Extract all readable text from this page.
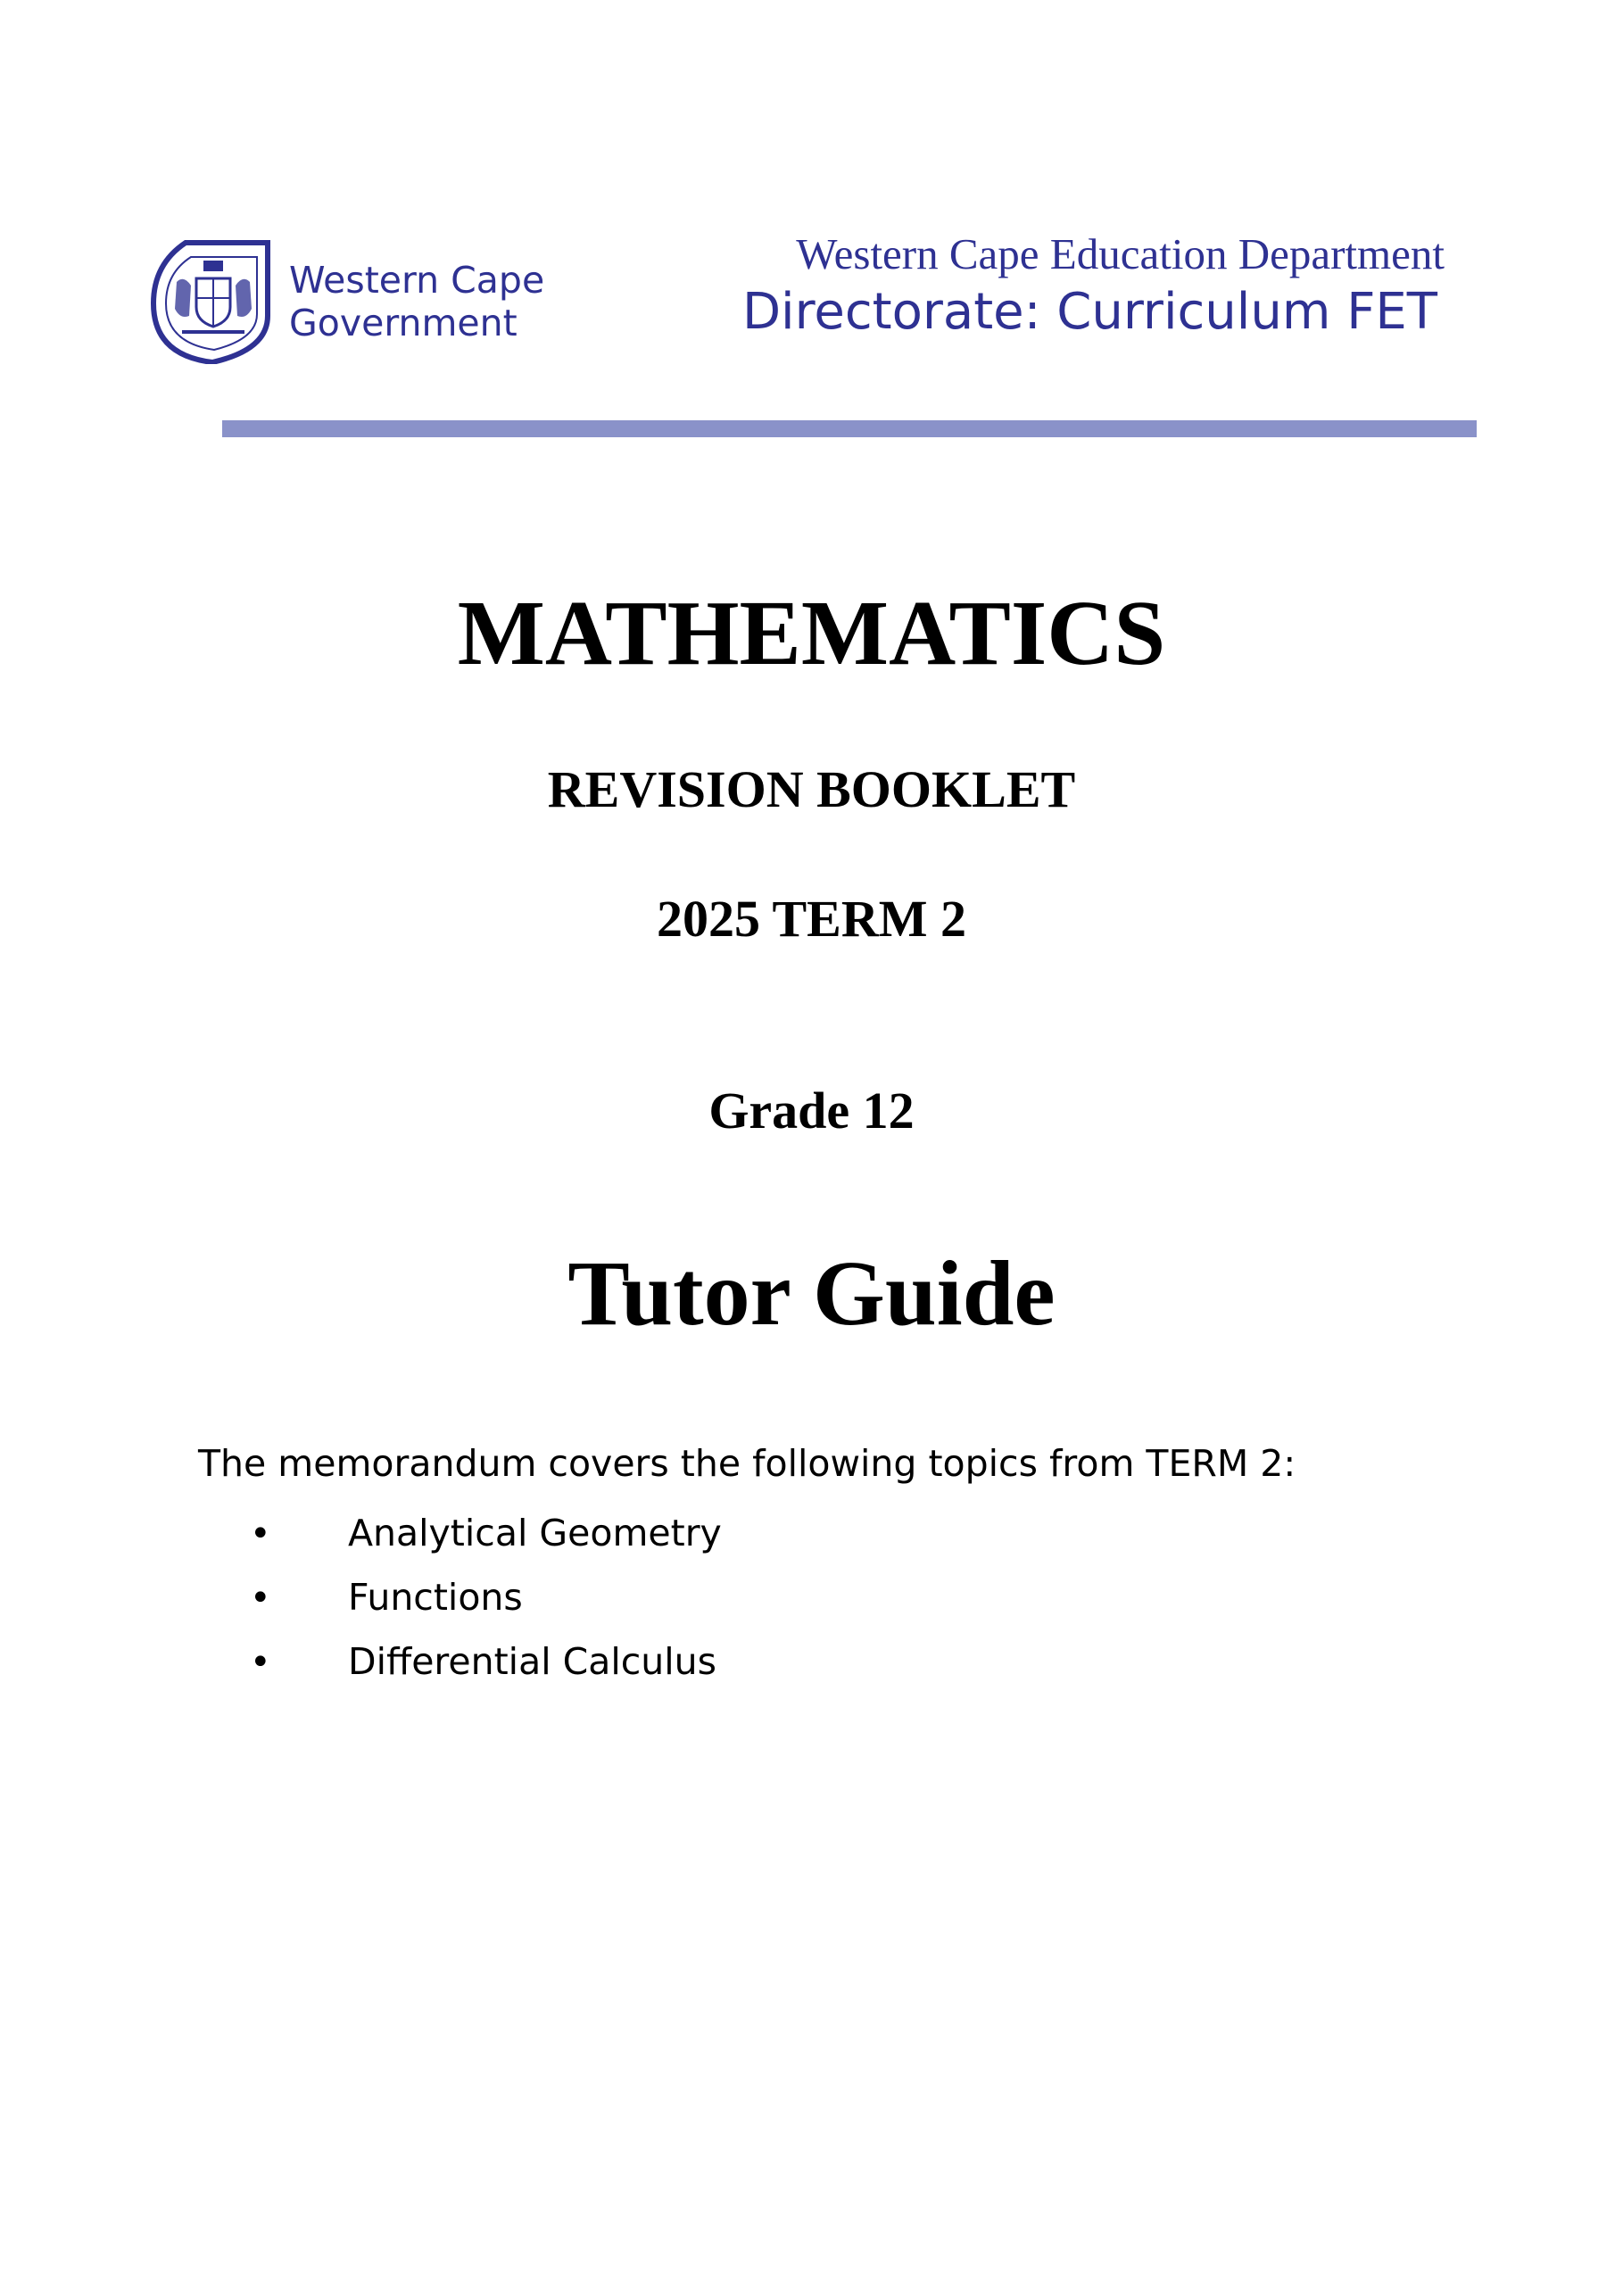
Western Cape
Government
Western Cape Education Department
Directorate: Curriculum FET
MATHEMATICS
REVISION BOOKLET
2025 TERM 2
Grade 12
Tutor Guide
The memorandum covers the following topics from TERM 2:
• Analytical Geometry
• Functions
• Differential Calculus
